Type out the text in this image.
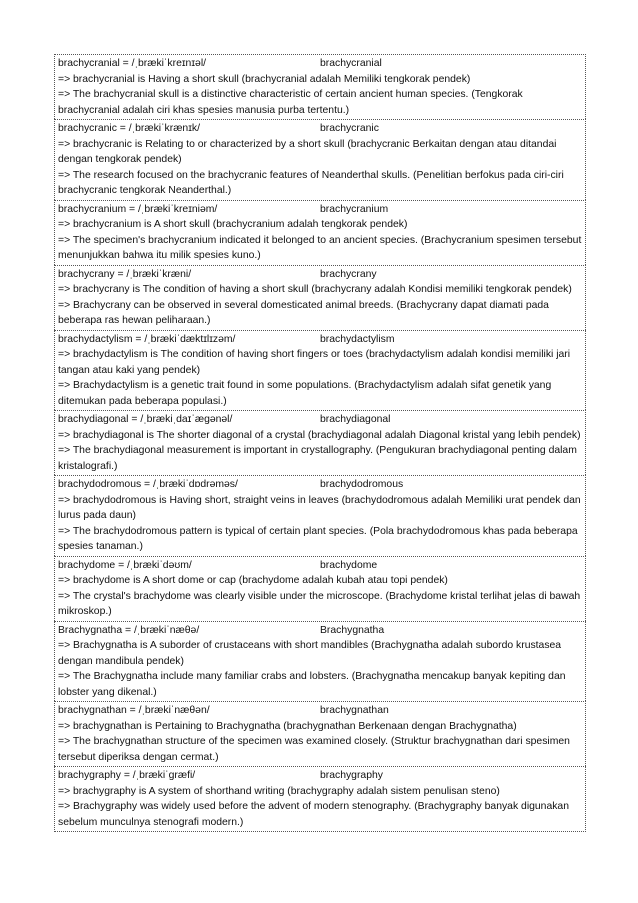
brachycranial = /ˌbrækiˈkreɪnɪəl/	brachycranial

=> brachycranial is Having a short skull (brachycranial adalah Memiliki tengkorak pendek)

=> The brachycranial skull is a distinctive characteristic of certain ancient human species. (Tengkorak brachycranial adalah ciri khas spesies manusia purba tertentu.)

brachycranic = /ˌbrækiˈkrænɪk/	brachycranic

=> brachycranic is Relating to or characterized by a short skull (brachycranic Berkaitan dengan atau ditandai dengan tengkorak pendek)

=> The research focused on the brachycranic features of Neanderthal skulls. (Penelitian berfokus pada ciri-ciri brachycranic tengkorak Neanderthal.)

brachycranium = /ˌbrækiˈkreɪniəm/	brachycranium

=> brachycranium is A short skull (brachycranium adalah tengkorak pendek)

=> The specimen's brachycranium indicated it belonged to an ancient species. (Brachycranium spesimen tersebut menunjukkan bahwa itu milik spesies kuno.)

brachycrany = /ˌbrækiˈkræni/	brachycrany

=> brachycrany is The condition of having a short skull (brachycrany adalah Kondisi memiliki tengkorak pendek)

=> Brachycrany can be observed in several domesticated animal breeds. (Brachycrany dapat diamati pada beberapa ras hewan peliharaan.)

brachydactylism = /ˌbrækiˈdæktɪlɪzəm/	brachydactylism

=> brachydactylism is The condition of having short fingers or toes (brachydactylism adalah kondisi memiliki jari tangan atau kaki yang pendek)

=> Brachydactylism is a genetic trait found in some populations. (Brachydactylism adalah sifat genetik yang ditemukan pada beberapa populasi.)

brachydiagonal = /ˌbrækiˌdaɪˈæɡənəl/	brachydiagonal

=> brachydiagonal is The shorter diagonal of a crystal (brachydiagonal adalah Diagonal kristal yang lebih pendek)

=> The brachydiagonal measurement is important in crystallography. (Pengukuran brachydiagonal penting dalam kristalografi.)

brachydodromous = /ˌbrækiˈdɒdrəməs/	brachydodromous

=> brachydodromous is Having short, straight veins in leaves (brachydodromous adalah Memiliki urat pendek dan lurus pada daun)

=> The brachydodromous pattern is typical of certain plant species. (Pola brachydodromous khas pada beberapa spesies tanaman.)

brachydome = /ˌbrækiˈdəʊm/	brachydome

=> brachydome is A short dome or cap (brachydome adalah kubah atau topi pendek)

=> The crystal's brachydome was clearly visible under the microscope. (Brachydome kristal terlihat jelas di bawah mikroskop.)

Brachygnatha = /ˌbrækiˈnæθə/	Brachygnatha

=> Brachygnatha is A suborder of crustaceans with short mandibles (Brachygnatha adalah subordo krustasea dengan mandibula pendek)

=> The Brachygnatha include many familiar crabs and lobsters. (Brachygnatha mencakup banyak kepiting dan lobster yang dikenal.)

brachygnathan = /ˌbrækiˈnæθən/	brachygnathan

=> brachygnathan is Pertaining to Brachygnatha (brachygnathan Berkenaan dengan Brachygnatha)

=> The brachygnathan structure of the specimen was examined closely. (Struktur brachygnathan dari spesimen tersebut diperiksa dengan cermat.)

brachygraphy = /ˌbrækiˈɡræfi/	brachygraphy

=> brachygraphy is A system of shorthand writing (brachygraphy adalah sistem penulisan steno)

=> Brachygraphy was widely used before the advent of modern stenography. (Brachygraphy banyak digunakan sebelum munculnya stenografi modern.)
